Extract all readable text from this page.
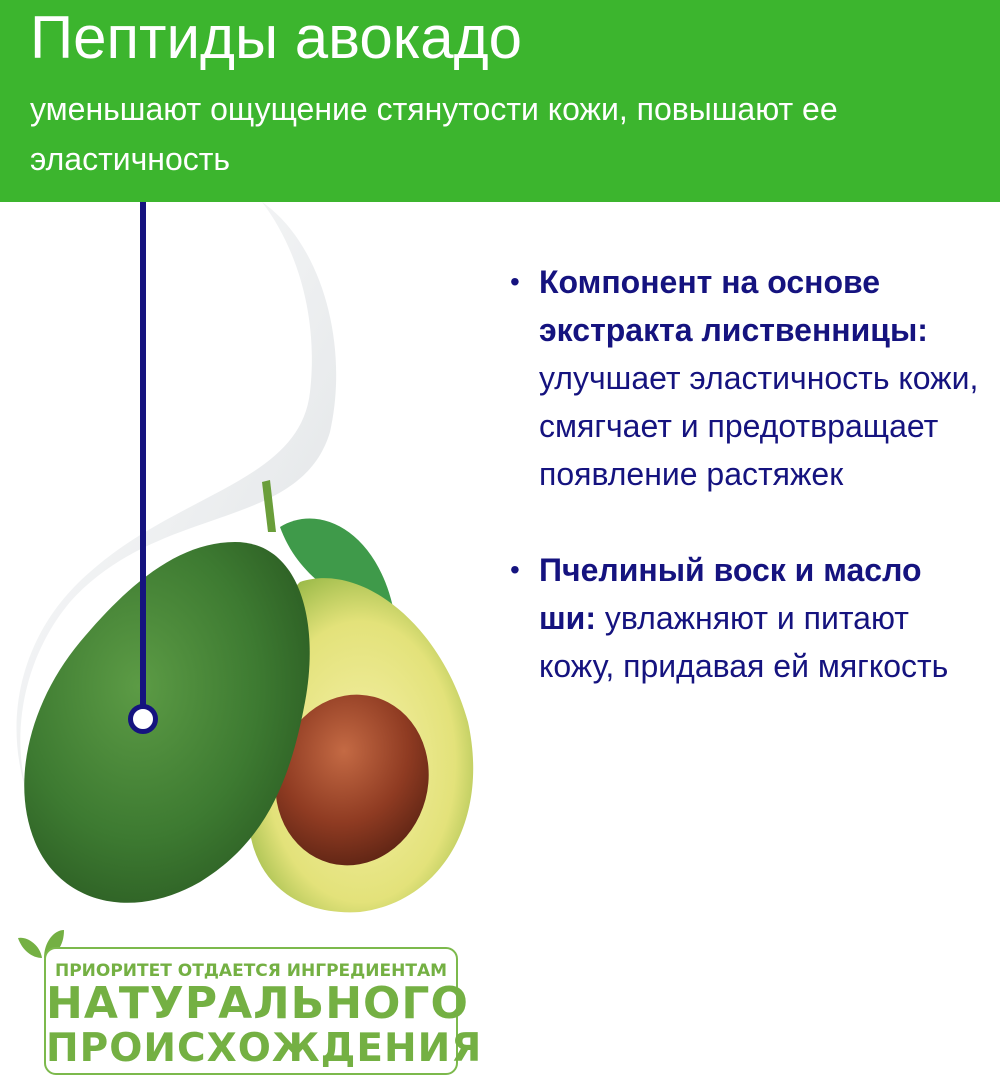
Пептиды авокадо

уменьшают ощущение стянутости кожи, повышают ее эластичность

• Компонент на основе экстракта лиственницы: улучшает эластичность кожи, смягчает и предотвращает появление растяжек
• Пчелиный воск и масло ши: увлажняют и питают кожу, придавая ей мягкость
ПРИОРИТЕТ ОТДАЕТСЯ ИНГРЕДИЕНТАМ
НАТУРАЛЬНОГО
ПРОИСХОЖДЕНИЯ
